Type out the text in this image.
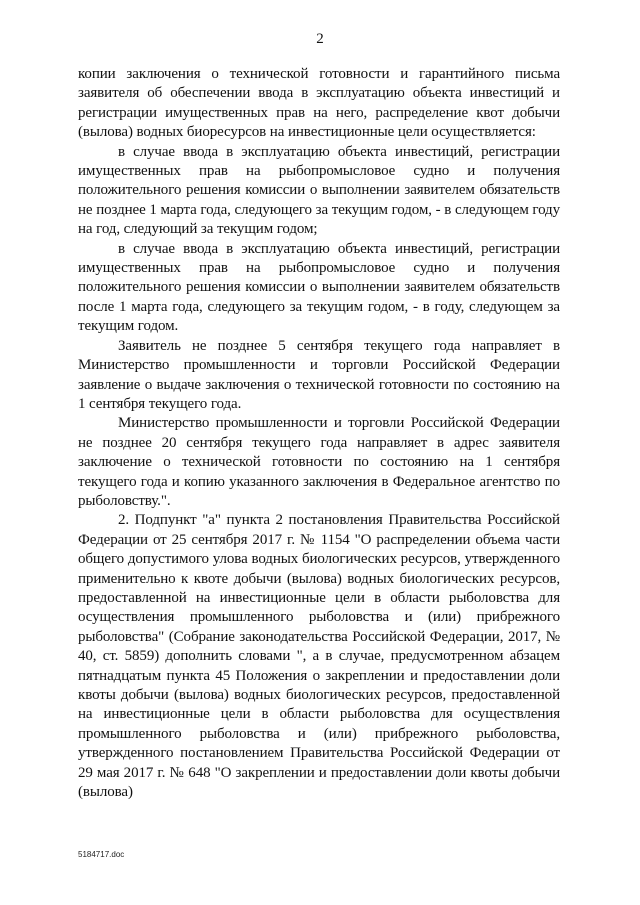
2

копии заключения о технической готовности и гарантийного письма заявителя об обеспечении ввода в эксплуатацию объекта инвестиций и регистрации имущественных прав на него, распределение квот добычи (вылова) водных биоресурсов на инвестиционные цели осуществляется:

в случае ввода в эксплуатацию объекта инвестиций, регистрации имущественных прав на рыбопромысловое судно и получения положительного решения комиссии о выполнении заявителем обязательств не позднее 1 марта года, следующего за текущим годом, - в следующем году на год, следующий за текущим годом;

в случае ввода в эксплуатацию объекта инвестиций, регистрации имущественных прав на рыбопромысловое судно и получения положительного решения комиссии о выполнении заявителем обязательств после 1 марта года, следующего за текущим годом, - в году, следующем за текущим годом.

Заявитель не позднее 5 сентября текущего года направляет в Министерство промышленности и торговли Российской Федерации заявление о выдаче заключения о технической готовности по состоянию на 1 сентября текущего года.

Министерство промышленности и торговли Российской Федерации не позднее 20 сентября текущего года направляет в адрес заявителя заключение о технической готовности по состоянию на 1 сентября текущего года и копию указанного заключения в Федеральное агентство по рыболовству.".

2. Подпункт "а" пункта 2 постановления Правительства Российской Федерации от 25 сентября 2017 г. № 1154 "О распределении объема части общего допустимого улова водных биологических ресурсов, утвержденного применительно к квоте добычи (вылова) водных биологических ресурсов, предоставленной на инвестиционные цели в области рыболовства для осуществления промышленного рыболовства и (или) прибрежного рыболовства" (Собрание законодательства Российской Федерации, 2017, № 40, ст. 5859) дополнить словами ", а в случае, предусмотренном абзацем пятнадцатым пункта 45 Положения о закреплении и предоставлении доли квоты добычи (вылова) водных биологических ресурсов, предоставленной на инвестиционные цели в области рыболовства для осуществления промышленного рыболовства и (или) прибрежного рыболовства, утвержденного постановлением Правительства Российской Федерации от 29 мая 2017 г. № 648 "О закреплении и предоставлении доли квоты добычи (вылова)

5184717.doc
